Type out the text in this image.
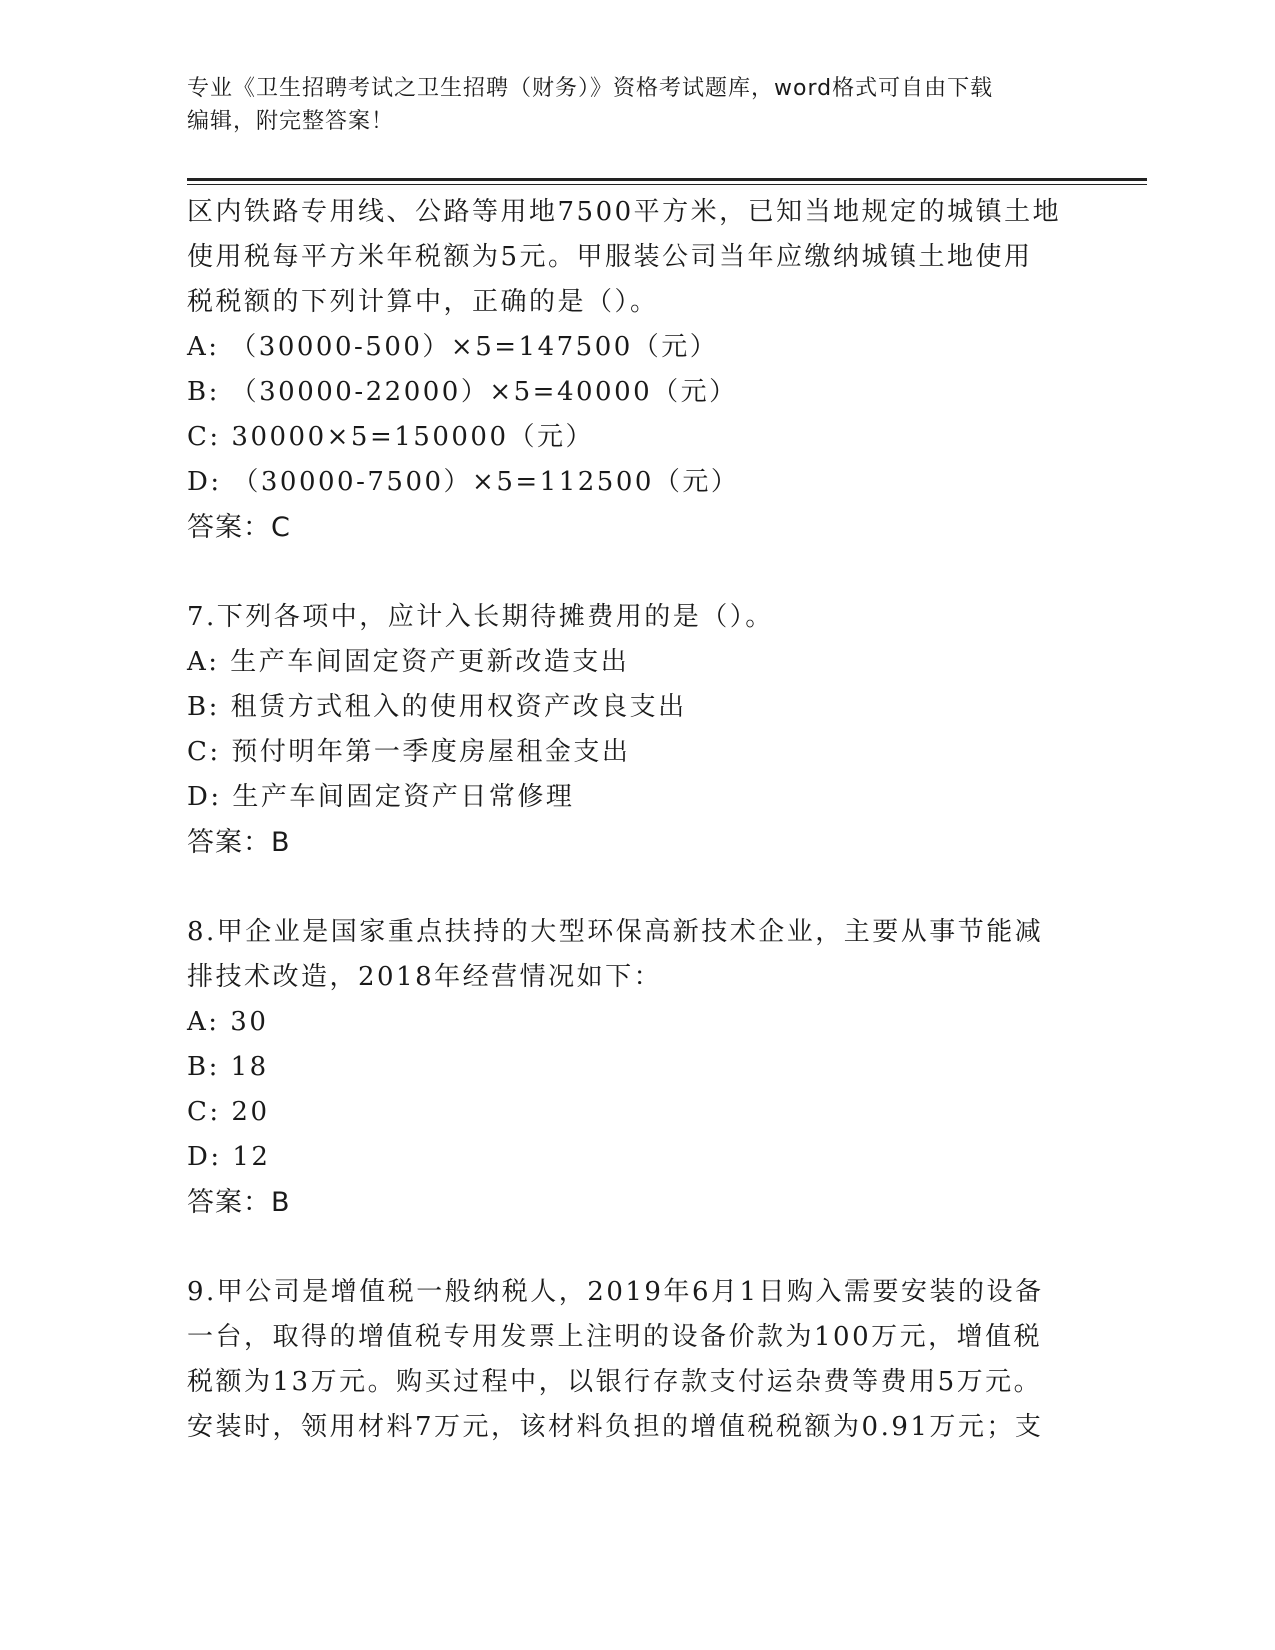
专业《卫生招聘考试之卫生招聘（财务）》资格考试题库，word格式可自由下载
编辑，附完整答案！
区内铁路专用线、公路等用地7500平方米，已知当地规定的城镇土地
使用税每平方米年税额为5元。甲服装公司当年应缴纳城镇土地使用
税税额的下列计算中，正确的是（）。
A: （30000-500）×5=147500（元）
B: （30000-22000）×5=40000（元）
C: 30000×5=150000（元）
D: （30000-7500）×5=112500（元）
答案：C
7.下列各项中，应计入长期待摊费用的是（）。
A: 生产车间固定资产更新改造支出
B: 租赁方式租入的使用权资产改良支出
C: 预付明年第一季度房屋租金支出
D: 生产车间固定资产日常修理
答案：B
8.甲企业是国家重点扶持的大型环保高新技术企业，主要从事节能减
排技术改造，2018年经营情况如下：
A: 30
B: 18
C: 20
D: 12
答案：B
9.甲公司是增值税一般纳税人，2019年6月1日购入需要安装的设备
一台，取得的增值税专用发票上注明的设备价款为100万元，增值税
税额为13万元。购买过程中，以银行存款支付运杂费等费用5万元。
安装时，领用材料7万元，该材料负担的增值税税额为0.91万元；支
